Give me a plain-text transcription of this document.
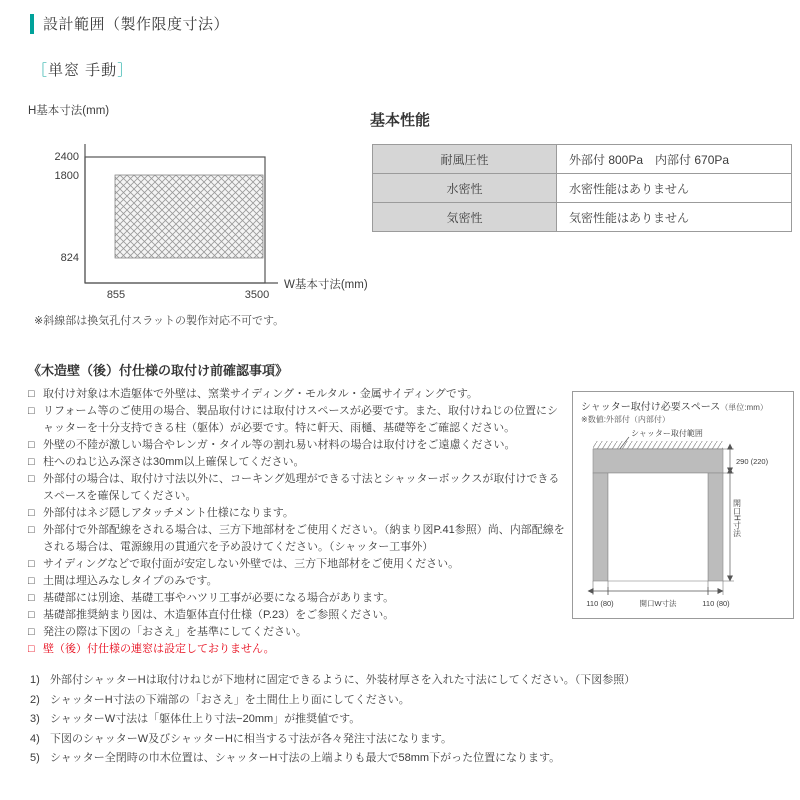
設計範囲（製作限度寸法）
［単窓 手動］
H基本寸法(mm)
2400
1800
824
855	3500
W基本寸法(mm)
※斜線部は換気孔付スラットの製作対応不可です。
基本性能
耐風圧性	外部付 800Pa　内部付 670Pa
水密性	水密性能はありません
気密性	気密性能はありません
《木造壁（後）付仕様の取付け前確認事項》
□ 取付け対象は木造躯体で外壁は、窯業サイディング・モルタル・金属サイディングです。
□ リフォーム等のご使用の場合、製品取付けには取付けスペースが必要です。また、取付けねじの位置にシャッターを十分支持できる柱（躯体）が必要です。特に軒天、雨樋、基礎等をご確認ください。
□ 外壁の不陸が激しい場合やレンガ・タイル等の割れ易い材料の場合は取付けをご遠慮ください。
□ 柱へのねじ込み深さは30mm以上確保してください。
□ 外部付の場合は、取付け寸法以外に、コーキング処理ができる寸法とシャッターボックスが取付けできるスペースを確保してください。
□ 外部付はネジ隠しアタッチメント仕様になります。
□ 外部付で外部配線をされる場合は、三方下地部材をご使用ください。（納まり図P.41参照）尚、内部配線をされる場合は、電源線用の貫通穴を予め設けてください。（シャッター工事外）
□ サイディングなどで取付面が安定しない外壁では、三方下地部材をご使用ください。
□ 土間は埋込みなしタイプのみです。
□ 基礎部には別途、基礎工事やハツリ工事が必要になる場合があります。
□ 基礎部推奨納まり図は、木造躯体直付仕様（P.23）をご参照ください。
□ 発注の際は下図の「おさえ」を基準にしてください。
□ 壁（後）付仕様の連窓は設定しておりません。
シャッター取付け必要スペース（単位:mm）
※数値:外部付（内部付）
シャッター取付範囲
290 (220)
開口H寸法
110 (80)	開口W寸法	110 (80)
1) 外部付シャッターHは取付けねじが下地材に固定できるように、外装材厚さを入れた寸法にしてください。（下図参照）
2) シャッターH寸法の下端部の「おさえ」を土間仕上り面にしてください。
3) シャッターW寸法は「躯体仕上り寸法−20mm」が推奨値です。
4) 下図のシャッターW及びシャッターHに相当する寸法が各々発注寸法になります。
5) シャッター全閉時の巾木位置は、シャッターH寸法の上端よりも最大で58mm下がった位置になります。
